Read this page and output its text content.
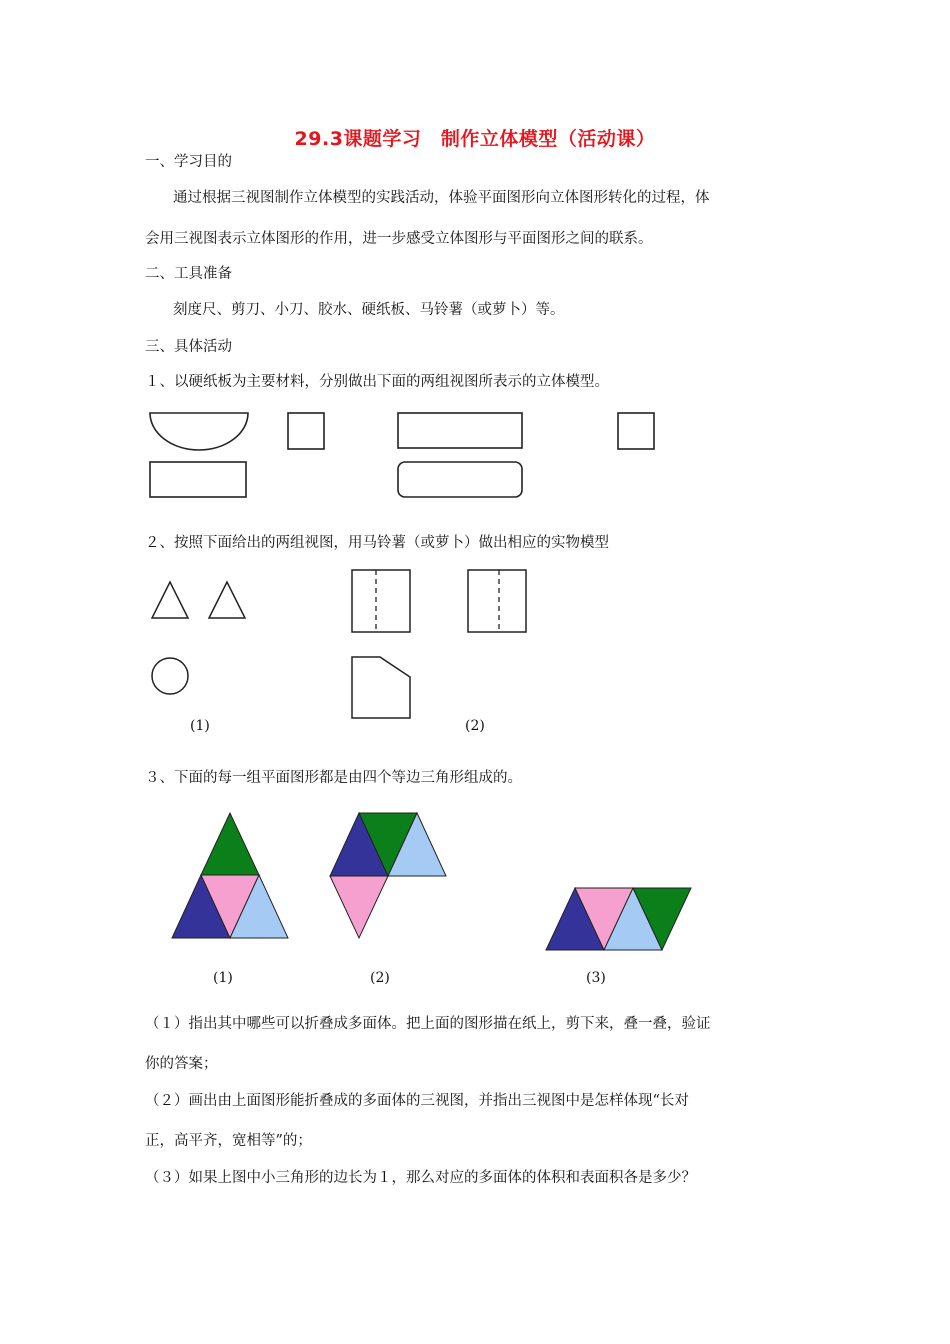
29.3课题学习　制作立体模型（活动课）
一、学习目的
通过根据三视图制作立体模型的实践活动，体验平面图形向立体图形转化的过程，体
会用三视图表示立体图形的作用，进一步感受立体图形与平面图形之间的联系。
二、工具准备
刻度尺、剪刀、小刀、胶水、硬纸板、马铃薯（或萝卜）等。
三、具体活动
１、以硬纸板为主要材料，分别做出下面的两组视图所表示的立体模型。
２、按照下面给出的两组视图，用马铃薯（或萝卜）做出相应的实物模型
(1)	(2)
３、下面的每一组平面图形都是由四个等边三角形组成的。
(1)	(2)	(3)
（１）指出其中哪些可以折叠成多面体。把上面的图形描在纸上，剪下来，叠一叠，验证
你的答案；
（２）画出由上面图形能折叠成的多面体的三视图，并指出三视图中是怎样体现“长对
正，高平齐，宽相等”的；
（３）如果上图中小三角形的边长为１，那么对应的多面体的体积和表面积各是多少？
